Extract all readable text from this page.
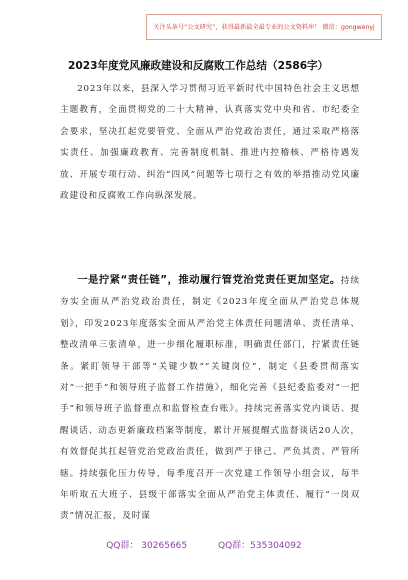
关注头条号“公文研究”，获得最新最全最专业的公文资料库！ 微信：gongwenyj
2023年度党风廉政建设和反腐败工作总结（2586字）
2023年以来，县深入学习贯彻习近平新时代中国特色社会主义思想主题教育，全面贯彻党的二十大精神，认真落实党中央和省、市纪委全会要求，坚决扛起党要管党、全面从严治党政治责任，通过采取严格落实责任、加强廉政教育、完善制度机制、推进内控稽核、严格待遇发放、开展专项行动、纠治“四风”问题等七项行之有效的举措推动党风廉政建设和反腐败工作向纵深发展。
一是拧紧“责任链”，推动履行管党治党责任更加坚定。持续夯实全面从严治党政治责任，制定《2023年度全面从严治党总体规划》，印发2023年度落实全面从严治党主体责任问题清单、责任清单、整改清单三张清单，进一步细化履职标准，明确责任部门，拧紧责任链条。紧盯领导干部等“关键少数”“关键岗位”，制定《县委贯彻落实对“一把手”和领导班子监督工作措施》，细化完善《县纪委监委对“一把手”和领导班子监督重点和监督检查台账》。持续完善落实党内谈话、提醒谈话、动态更新廉政档案等制度，累计开展提醒式监督谈话20人次，有效督促其扛起管党治党政治责任，做到严于律己、严负其责、严管所辖。持续强化压力传导，每季度召开一次党建工作领导小组会议，每半年听取五大班子、县级干部落实全面从严治党主体责任、履行“一岗双责”情况汇报，及时谋
QQ群： 30265665	QQ群：535304092
